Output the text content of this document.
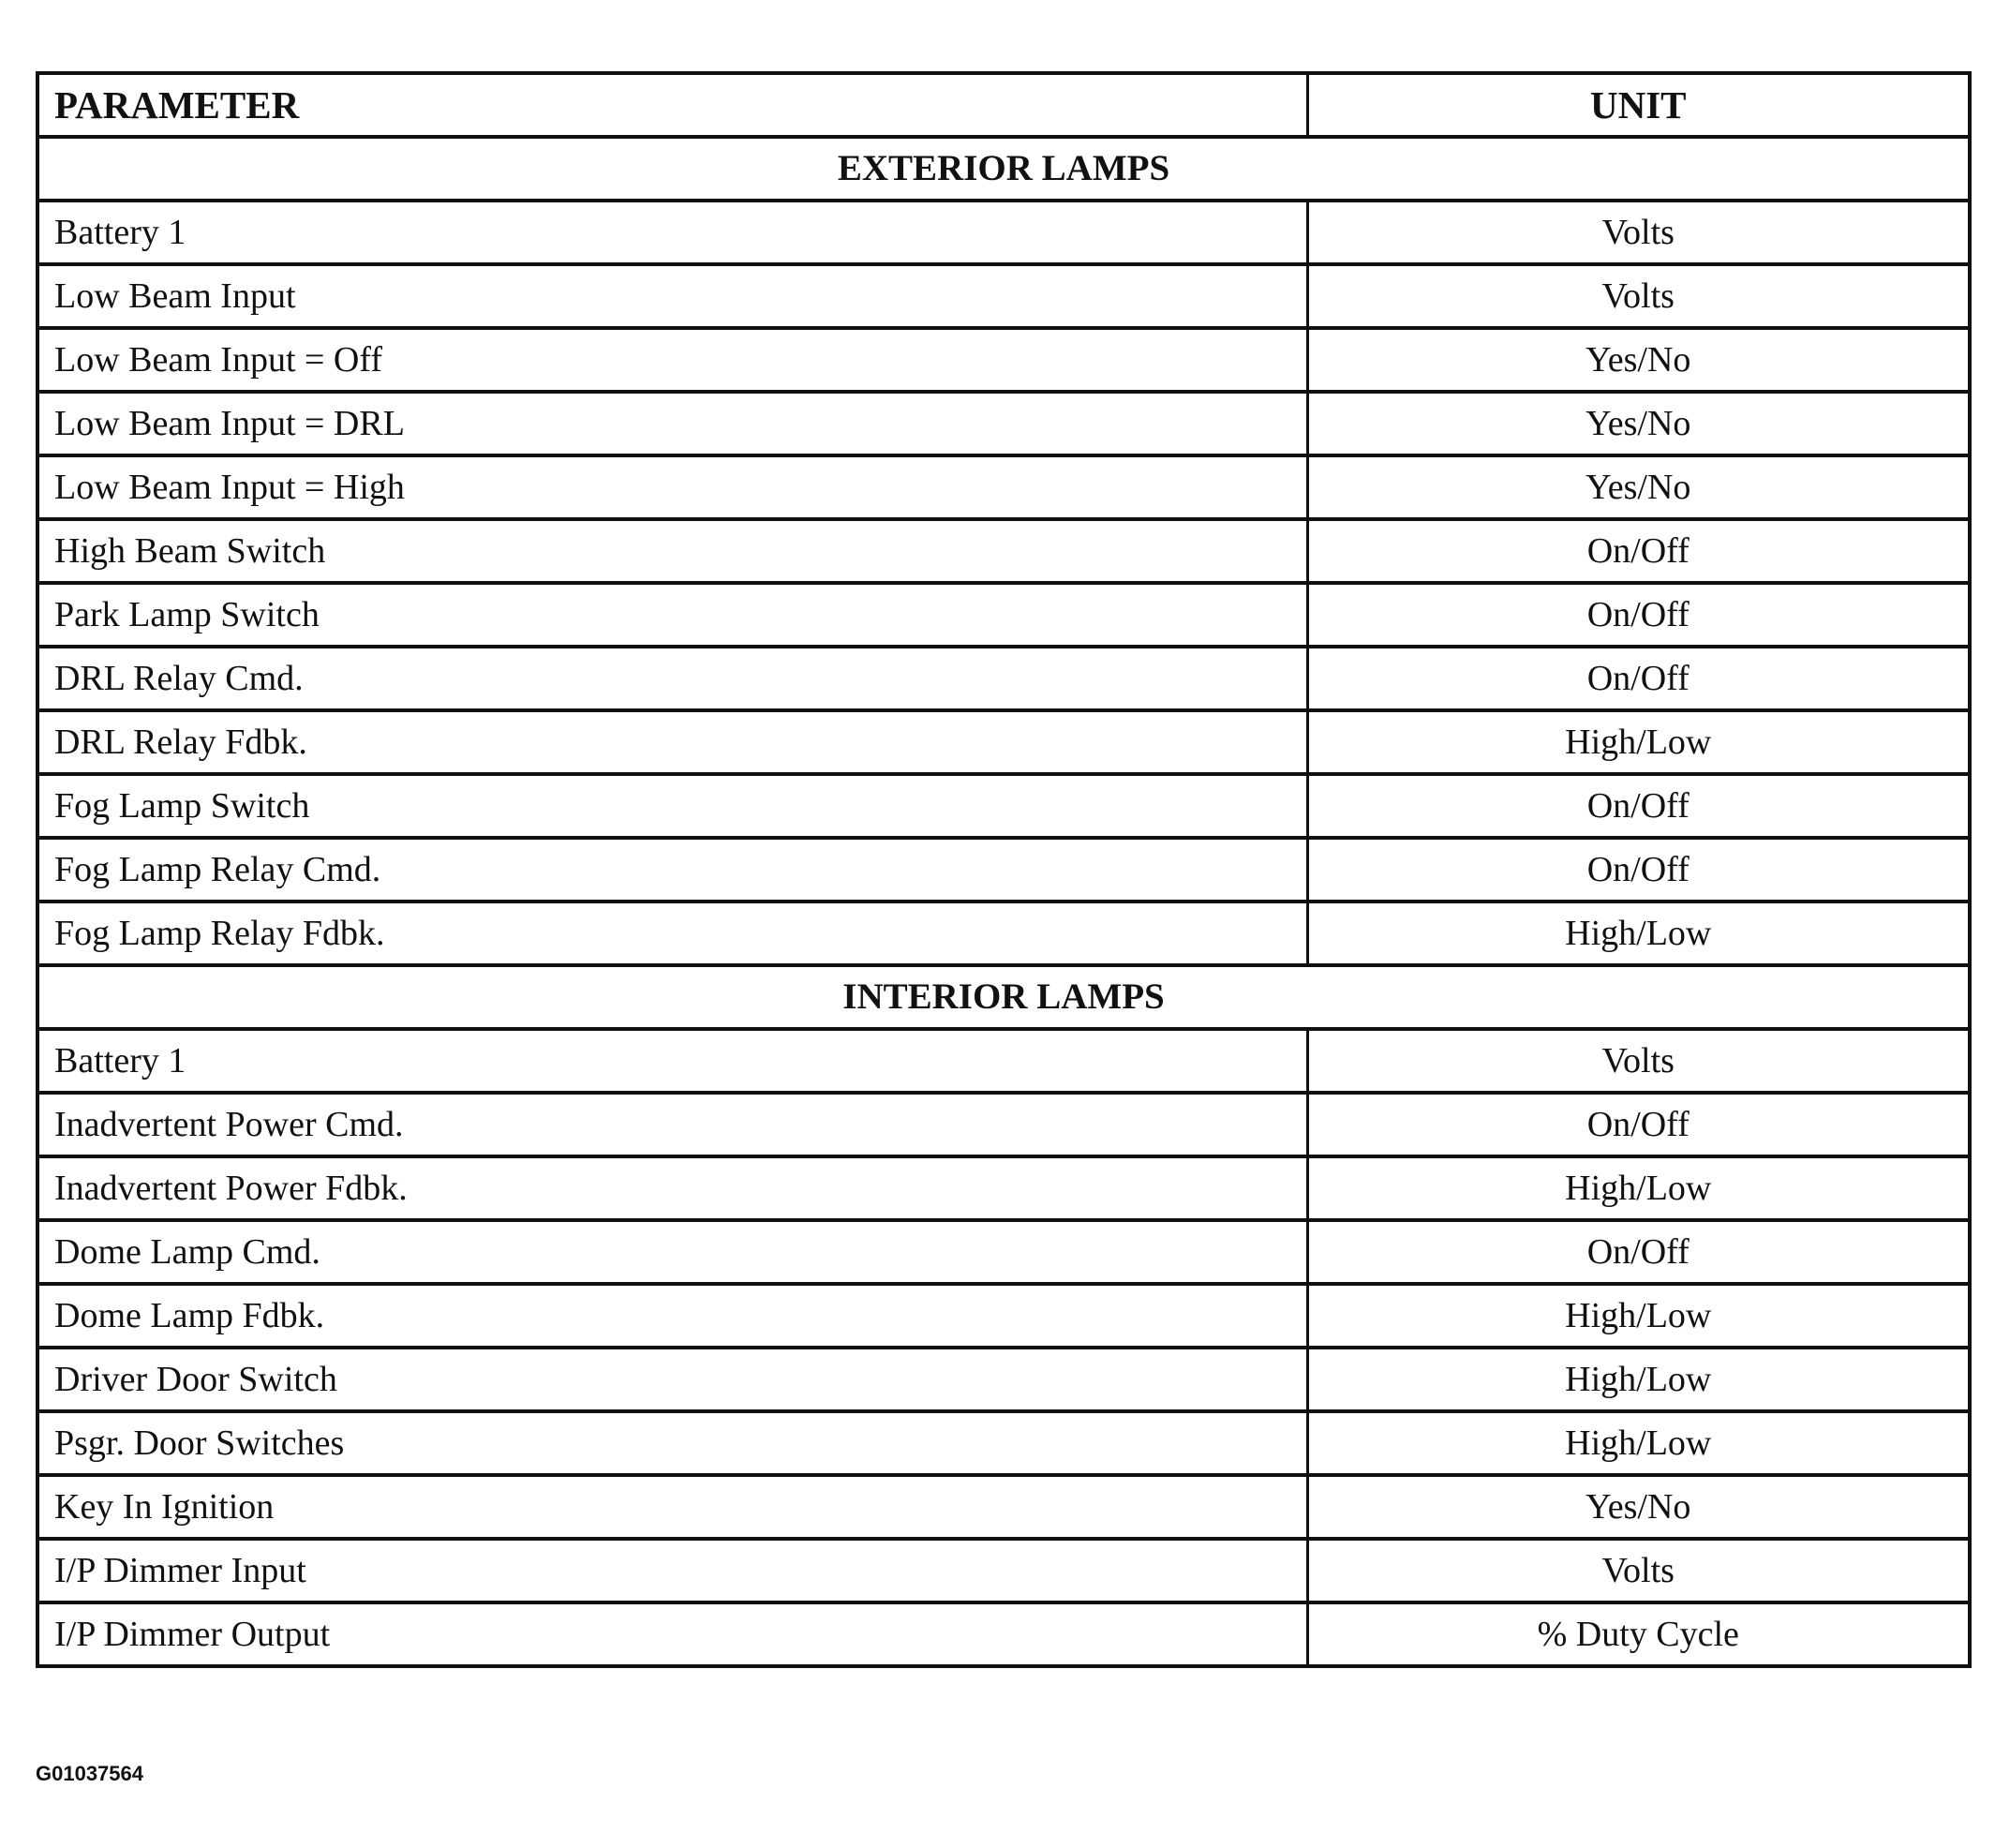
PARAMETER	UNIT
EXTERIOR LAMPS	
Battery 1	Volts
Low Beam Input	Volts
Low Beam Input = Off	Yes/No
Low Beam Input = DRL	Yes/No
Low Beam Input = High	Yes/No
High Beam Switch	On/Off
Park Lamp Switch	On/Off
DRL Relay Cmd.	On/Off
DRL Relay Fdbk.	High/Low
Fog Lamp Switch	On/Off
Fog Lamp Relay Cmd.	On/Off
Fog Lamp Relay Fdbk.	High/Low
INTERIOR LAMPS	
Battery 1	Volts
Inadvertent Power Cmd.	On/Off
Inadvertent Power Fdbk.	High/Low
Dome Lamp Cmd.	On/Off
Dome Lamp Fdbk.	High/Low
Driver Door Switch	High/Low
Psgr. Door Switches	High/Low
Key In Ignition	Yes/No
I/P Dimmer Input	Volts
I/P Dimmer Output	% Duty Cycle
G01037564
